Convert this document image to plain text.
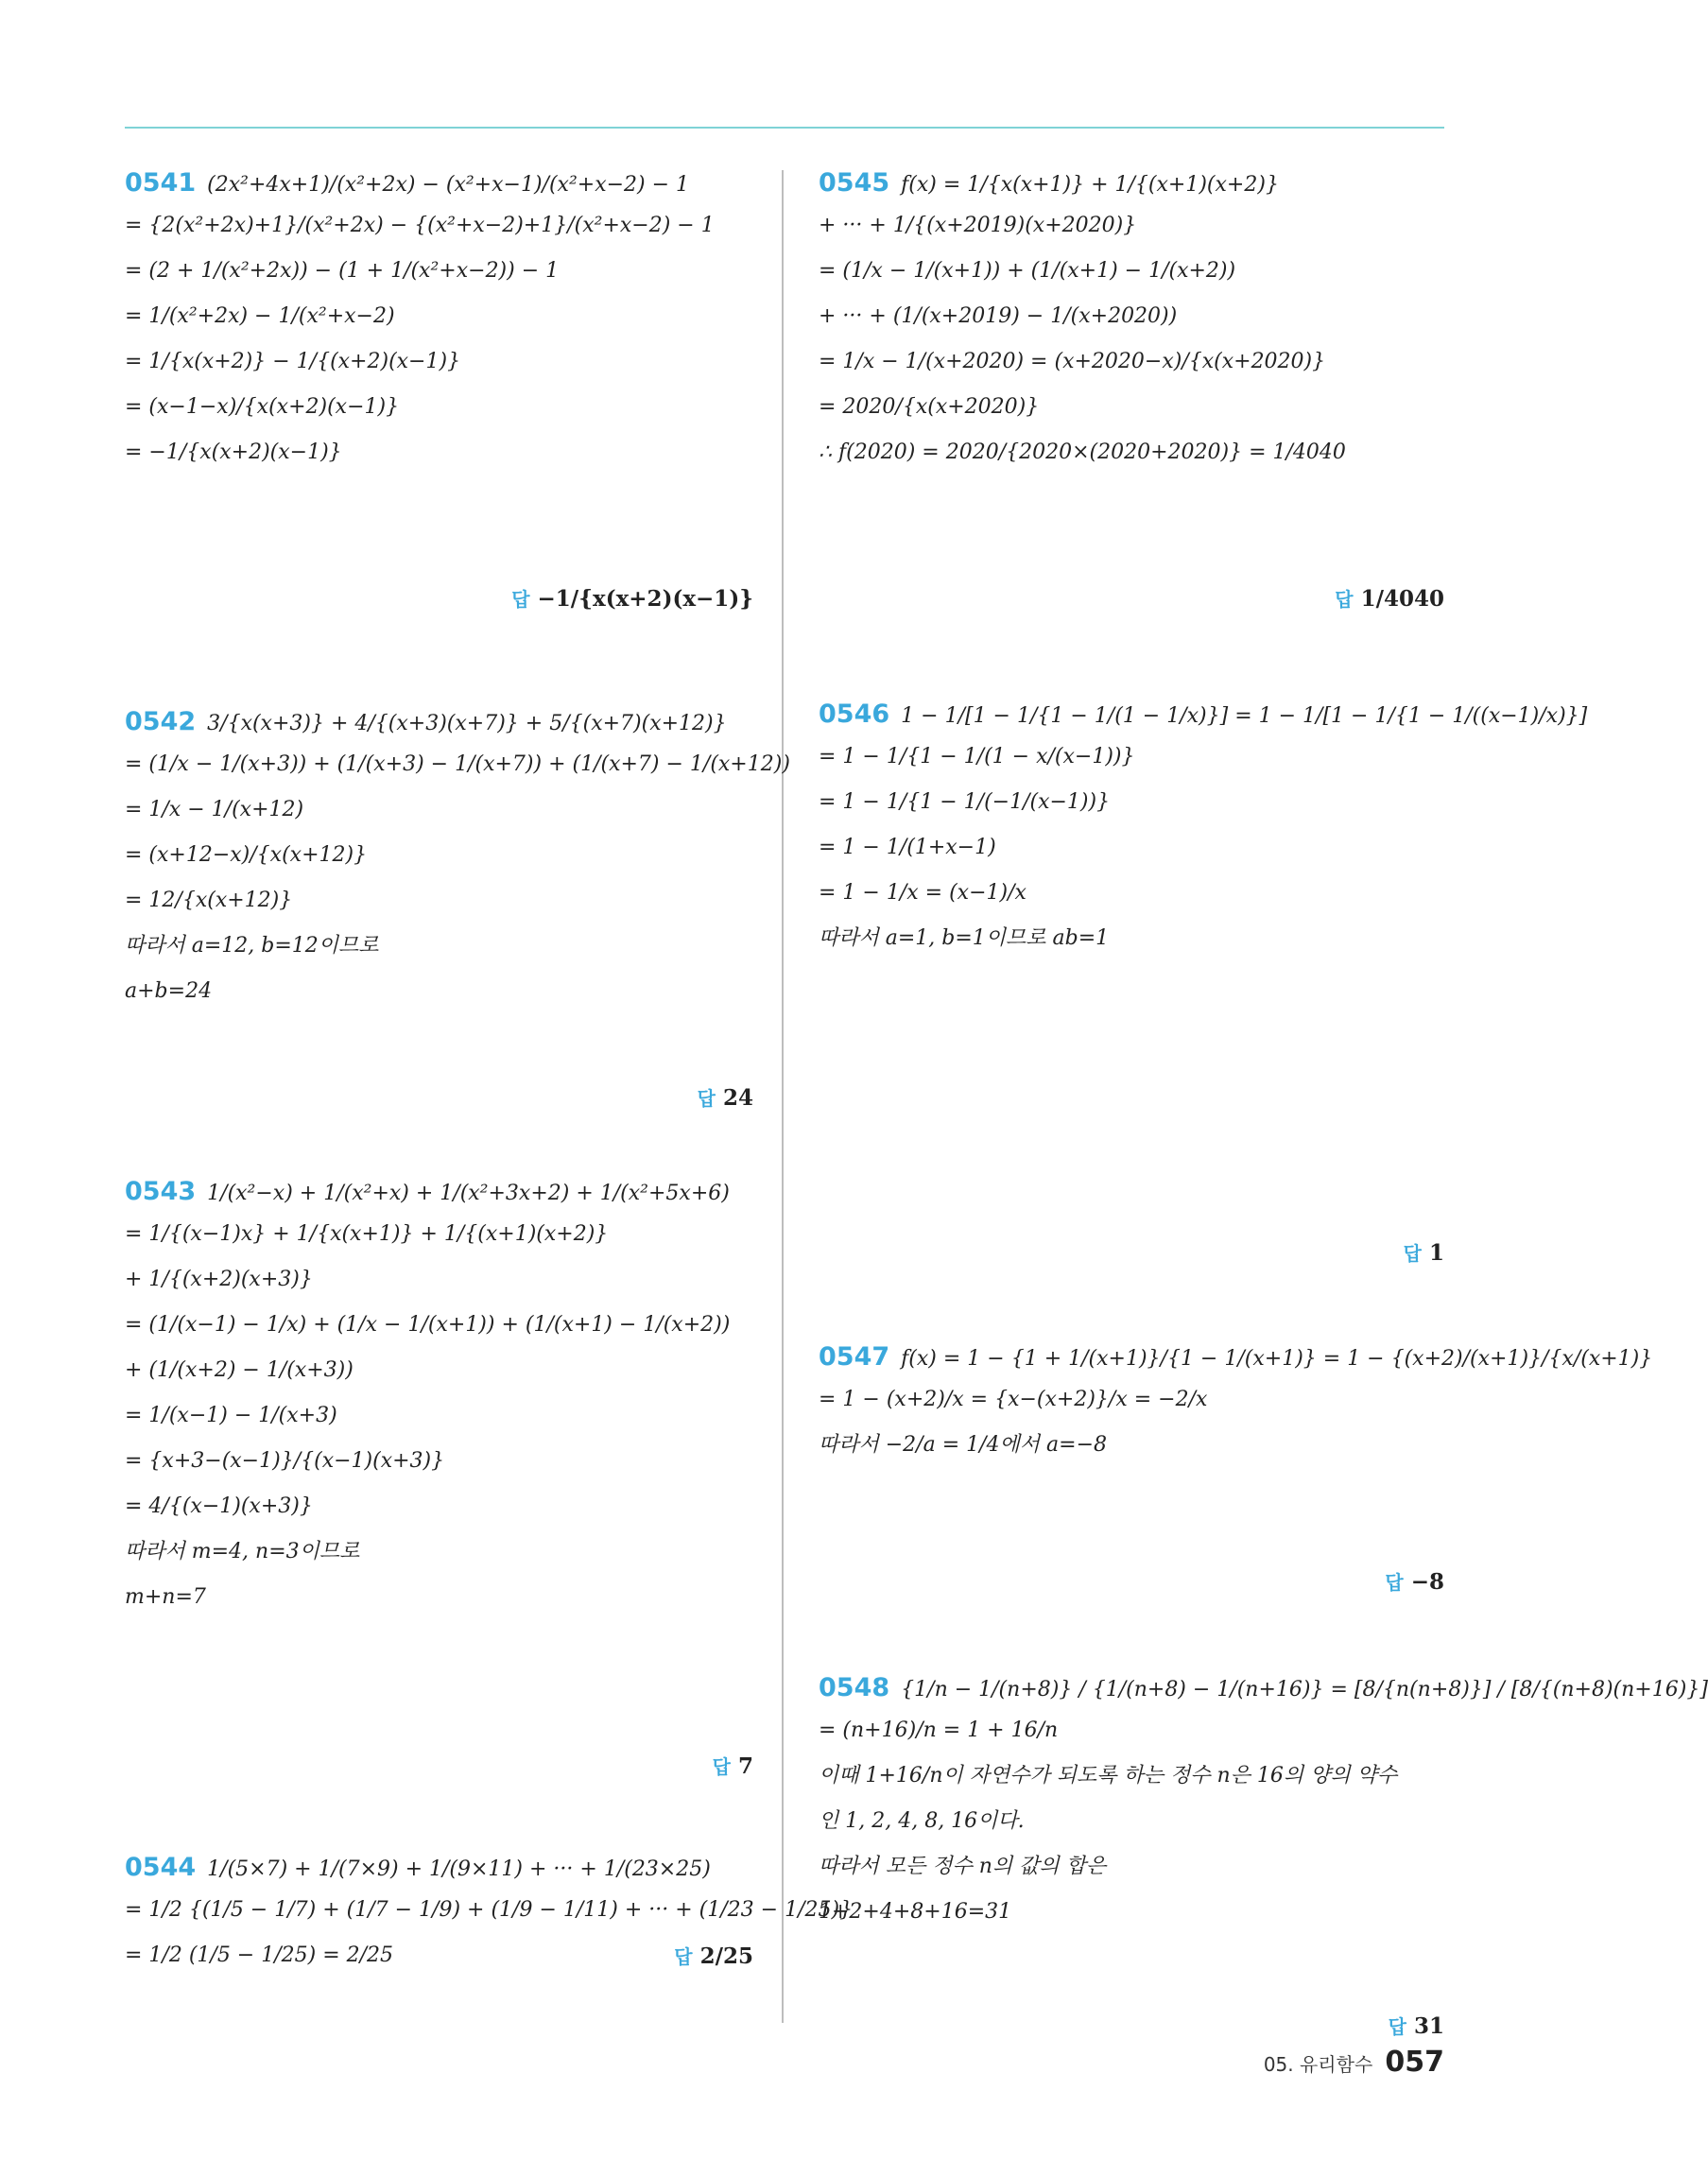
0541 (2x²+4x+1)/(x²+2x) − (x²+x−1)/(x²+x−2) − 1
= {2(x²+2x)+1}/(x²+2x) − {(x²+x−2)+1}/(x²+x−2) − 1
= (2 + 1/(x²+2x)) − (1 + 1/(x²+x−2)) − 1
= 1/(x²+2x) − 1/(x²+x−2)
= 1/{x(x+2)} − 1/{(x+2)(x−1)}
= (x−1−x)/{x(x+2)(x−1)}
= −1/{x(x+2)(x−1)}
답 −1/{x(x+2)(x−1)}
0542 3/{x(x+3)} + 4/{(x+3)(x+7)} + 5/{(x+7)(x+12)}
= (1/x − 1/(x+3)) + (1/(x+3) − 1/(x+7)) + (1/(x+7) − 1/(x+12))
= 1/x − 1/(x+12)
= (x+12−x)/{x(x+12)}
= 12/{x(x+12)}
따라서 a=12, b=12이므로
a+b=24
답 24
0543 1/(x²−x) + 1/(x²+x) + 1/(x²+3x+2) + 1/(x²+5x+6)
= 1/{(x−1)x} + 1/{x(x+1)} + 1/{(x+1)(x+2)}
+ 1/{(x+2)(x+3)}
= (1/(x−1) − 1/x) + (1/x − 1/(x+1)) + (1/(x+1) − 1/(x+2))
+ (1/(x+2) − 1/(x+3))
= 1/(x−1) − 1/(x+3)
= {x+3−(x−1)}/{(x−1)(x+3)}
= 4/{(x−1)(x+3)}
따라서 m=4, n=3이므로
m+n=7
답 7
0544 1/(5×7) + 1/(7×9) + 1/(9×11) + ··· + 1/(23×25)
= 1/2 {(1/5 − 1/7) + (1/7 − 1/9) + (1/9 − 1/11) + ··· + (1/23 − 1/25)}
= 1/2 (1/5 − 1/25) = 2/25	답 2/25
0545 f(x) = 1/{x(x+1)} + 1/{(x+1)(x+2)}
+ ··· + 1/{(x+2019)(x+2020)}
= (1/x − 1/(x+1)) + (1/(x+1) − 1/(x+2))
+ ··· + (1/(x+2019) − 1/(x+2020))
= 1/x − 1/(x+2020) = (x+2020−x)/{x(x+2020)}
= 2020/{x(x+2020)}
∴ f(2020) = 2020/{2020×(2020+2020)} = 1/4040
답 1/4040
0546 1 − 1/[1 − 1/{1 − 1/(1 − 1/x)}] = 1 − 1/[1 − 1/{1 − 1/((x−1)/x)}]
= 1 − 1/{1 − 1/(1 − x/(x−1))}
= 1 − 1/{1 − 1/(−1/(x−1))}
= 1 − 1/(1+x−1)
= 1 − 1/x = (x−1)/x
따라서 a=1, b=1이므로 ab=1
답 1
0547 f(x) = 1 − {1 + 1/(x+1)}/{1 − 1/(x+1)} = 1 − {(x+2)/(x+1)}/{x/(x+1)}
= 1 − (x+2)/x = {x−(x+2)}/x = −2/x
따라서 −2/a = 1/4에서 a=−8
답 −8
0548 {1/n − 1/(n+8)} / {1/(n+8) − 1/(n+16)} = [8/{n(n+8)}] / [8/{(n+8)(n+16)}]
= (n+16)/n = 1 + 16/n
이때 1+16/n이 자연수가 되도록 하는 정수 n은 16의 양의 약수
인 1, 2, 4, 8, 16이다.
따라서 모든 정수 n의 값의 합은
1+2+4+8+16=31
답 31
05. 유리함수 057
